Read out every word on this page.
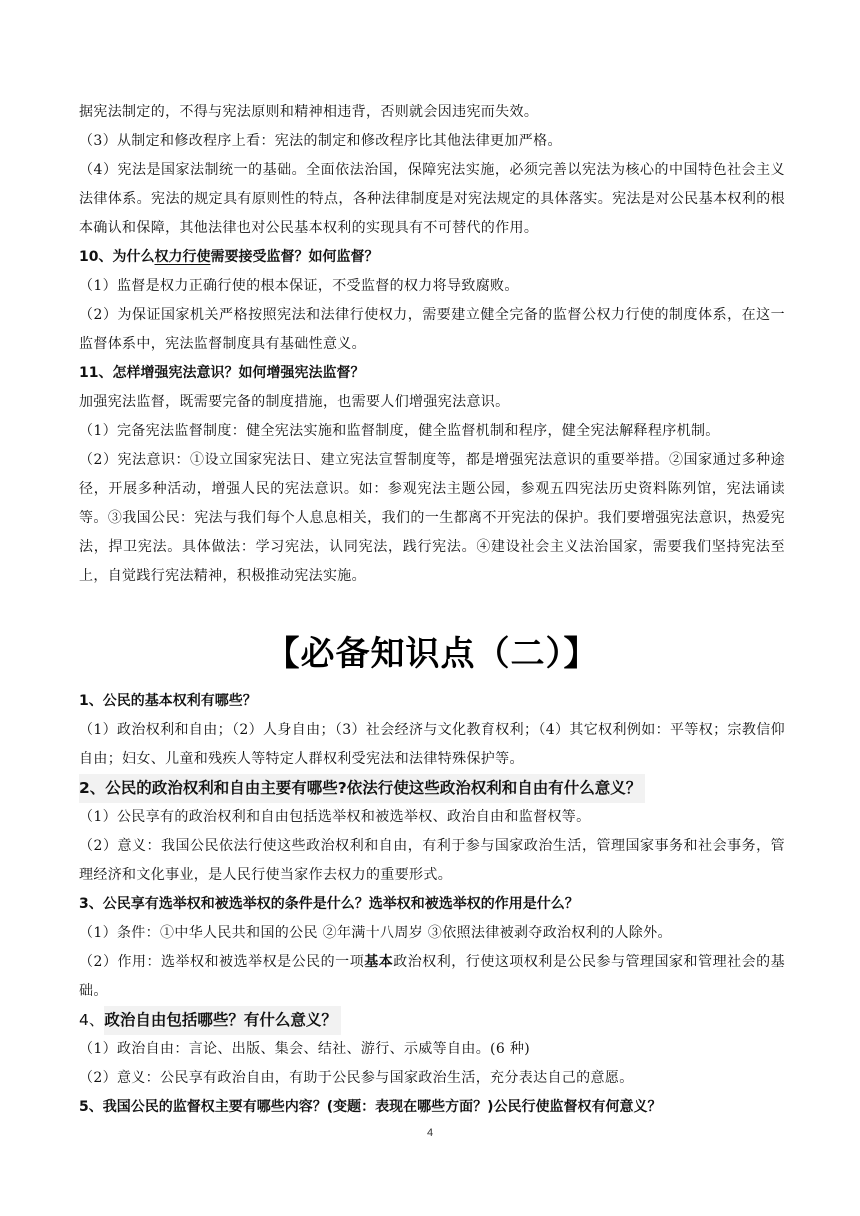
据宪法制定的，不得与宪法原则和精神相违背，否则就会因违宪而失效。

（3）从制定和修改程序上看：宪法的制定和修改程序比其他法律更加严格。

（4）宪法是国家法制统一的基础。全面依法治国，保障宪法实施，必须完善以宪法为核心的中国特色社会主义法律体系。宪法的规定具有原则性的特点，各种法律制度是对宪法规定的具体落实。宪法是对公民基本权利的根本确认和保障，其他法律也对公民基本权利的实现具有不可替代的作用。

10、为什么权力行使需要接受监督？如何监督？

（1）监督是权力正确行使的根本保证，不受监督的权力将导致腐败。

（2）为保证国家机关严格按照宪法和法律行使权力，需要建立健全完备的监督公权力行使的制度体系，在这一监督体系中，宪法监督制度具有基础性意义。

11、怎样增强宪法意识？如何增强宪法监督？

加强宪法监督，既需要完备的制度措施，也需要人们增强宪法意识。

（1）完备宪法监督制度：健全宪法实施和监督制度，健全监督机制和程序，健全宪法解释程序机制。

（2）宪法意识：①设立国家宪法日、建立宪法宣誓制度等，都是增强宪法意识的重要举措。②国家通过多种途径，开展多种活动，增强人民的宪法意识。如：参观宪法主题公园，参观五四宪法历史资料陈列馆，宪法诵读等。③我国公民：宪法与我们每个人息息相关，我们的一生都离不开宪法的保护。我们要增强宪法意识，热爱宪法，捍卫宪法。具体做法：学习宪法，认同宪法，践行宪法。④建设社会主义法治国家，需要我们坚持宪法至上，自觉践行宪法精神，积极推动宪法实施。

【必备知识点（二）】

1、公民的基本权利有哪些？

（1）政治权利和自由；（2）人身自由；（3）社会经济与文化教育权利；（4）其它权利例如：平等权；宗教信仰自由；妇女、儿童和残疾人等特定人群权利受宪法和法律特殊保护等。

2、公民的政治权利和自由主要有哪些?依法行使这些政治权利和自由有什么意义？

（1）公民享有的政治权利和自由包括选举权和被选举权、政治自由和监督权等。

（2）意义：我国公民依法行使这些政治权利和自由，有利于参与国家政治生活，管理国家事务和社会事务，管理经济和文化事业，是人民行使当家作去权力的重要形式。

3、公民享有选举权和被选举权的条件是什么？选举权和被选举权的作用是什么？

（1）条件：①中华人民共和国的公民 ②年满十八周岁 ③依照法律被剥夺政治权利的人除外。

（2）作用：选举权和被选举权是公民的一项基本政治权利，行使这项权利是公民参与管理国家和管理社会的基础。

4、政治自由包括哪些？有什么意义？

（1）政治自由：言论、出版、集会、结社、游行、示威等自由。(6 种)

（2）意义：公民享有政治自由，有助于公民参与国家政治生活，充分表达自己的意愿。

5、我国公民的监督权主要有哪些内容？(变题：表现在哪些方面？)公民行使监督权有何意义？

4
